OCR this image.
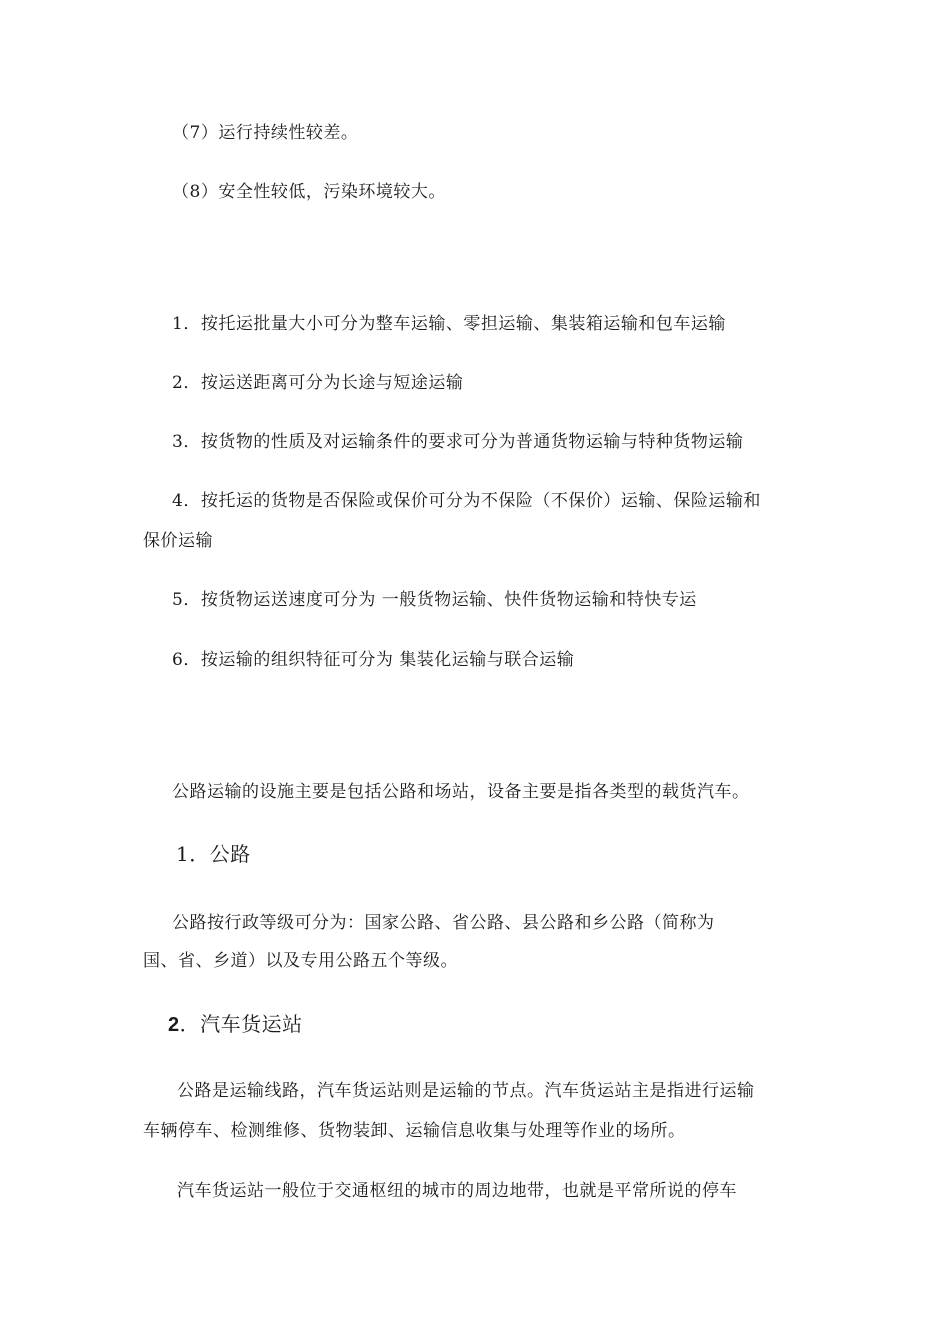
（7）运行持续性较差。
（8）安全性较低，污染环境较大。
1．按托运批量大小可分为整车运输、零担运输、集装箱运输和包车运输
2．按运送距离可分为长途与短途运输
3．按货物的性质及对运输条件的要求可分为普通货物运输与特种货物运输
4．按托运的货物是否保险或保价可分为不保险（不保价）运输、保险运输和
保价运输
5．按货物运送速度可分为 一般货物运输、快件货物运输和特快专运
6．按运输的组织特征可分为 集装化运输与联合运输
公路运输的设施主要是包括公路和场站，设备主要是指各类型的载货汽车。
1．公路
公路按行政等级可分为：国家公路、省公路、县公路和乡公路（简称为
国、省、乡道）以及专用公路五个等级。
2．汽车货运站
公路是运输线路，汽车货运站则是运输的节点。汽车货运站主是指进行运输
车辆停车、检测维修、货物装卸、运输信息收集与处理等作业的场所。
汽车货运站一般位于交通枢纽的城市的周边地带，也就是平常所说的停车
